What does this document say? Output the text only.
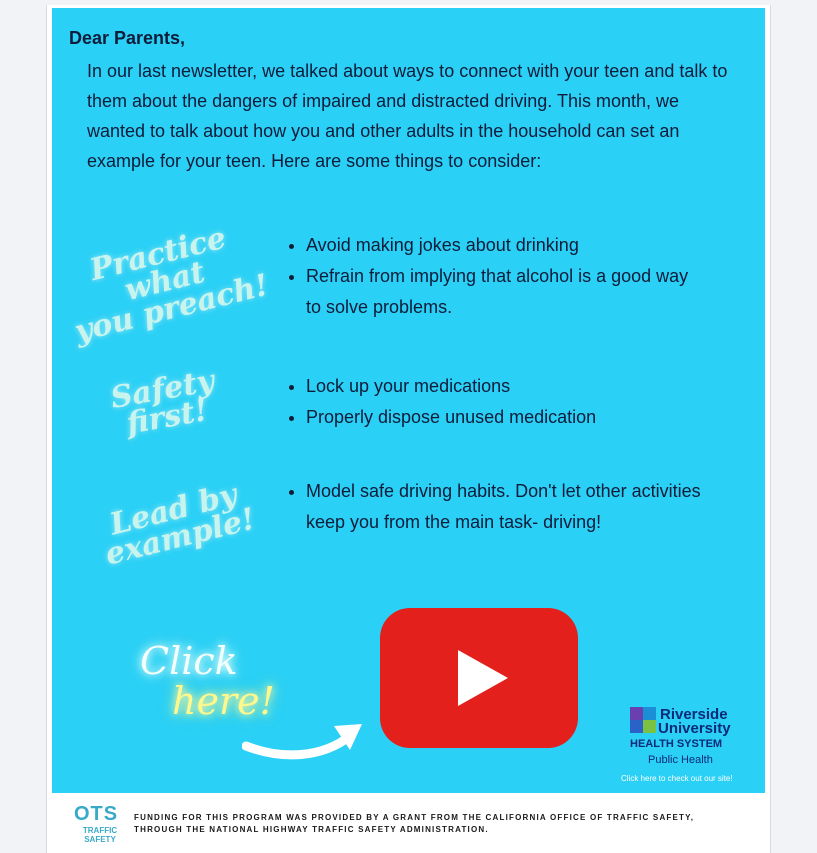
Dear Parents,

In our last newsletter, we talked about ways to connect with your teen and talk to them about the dangers of impaired and distracted driving. This month, we wanted to talk about how you and other adults in the household can set an example for your teen. Here are some things to consider:

Practice what
you preach!

• Avoid making jokes about drinking
• Refrain from implying that alcohol is a good way to solve problems.

Safety
first!

• Lock up your medications
• Properly dispose unused medication

Lead by
example!

• Model safe driving habits. Don't let other activities keep you from the main task- driving!

Click

here!	Riverside

University

HEALTH SYSTEM

Public Health

Click here to check out our site!

OTS

TRAFFIC SAFETY

FUNDING FOR THIS PROGRAM WAS PROVIDED BY A GRANT FROM THE CALIFORNIA OFFICE OF TRAFFIC SAFETY, THROUGH THE NATIONAL HIGHWAY TRAFFIC SAFETY ADMINISTRATION.
